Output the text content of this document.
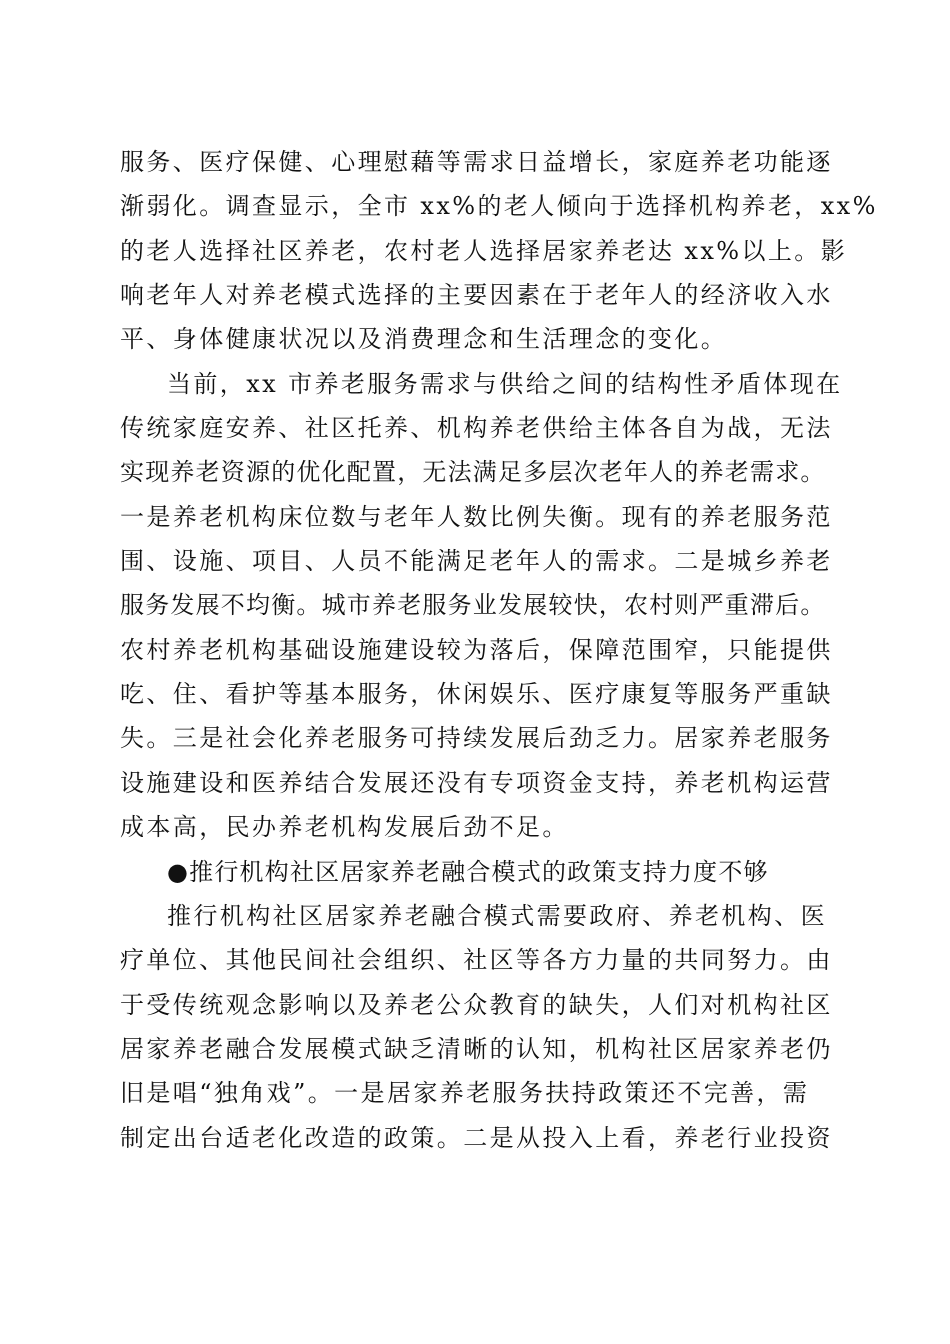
服务、医疗保健、心理慰藉等需求日益增长，家庭养老功能逐
渐弱化。调查显示，全市 xx%的老人倾向于选择机构养老，xx%
的老人选择社区养老，农村老人选择居家养老达 xx%以上。影
响老年人对养老模式选择的主要因素在于老年人的经济收入水
平、身体健康状况以及消费理念和生活理念的变化。
当前，xx 市养老服务需求与供给之间的结构性矛盾体现在
传统家庭安养、社区托养、机构养老供给主体各自为战，无法
实现养老资源的优化配置，无法满足多层次老年人的养老需求。
一是养老机构床位数与老年人数比例失衡。现有的养老服务范
围、设施、项目、人员不能满足老年人的需求。二是城乡养老
服务发展不均衡。城市养老服务业发展较快，农村则严重滞后。
农村养老机构基础设施建设较为落后，保障范围窄，只能提供
吃、住、看护等基本服务，休闲娱乐、医疗康复等服务严重缺
失。三是社会化养老服务可持续发展后劲乏力。居家养老服务
设施建设和医养结合发展还没有专项资金支持，养老机构运营
成本高，民办养老机构发展后劲不足。
●推行机构社区居家养老融合模式的政策支持力度不够
推行机构社区居家养老融合模式需要政府、养老机构、医
疗单位、其他民间社会组织、社区等各方力量的共同努力。由
于受传统观念影响以及养老公众教育的缺失，人们对机构社区
居家养老融合发展模式缺乏清晰的认知，机构社区居家养老仍
旧是唱“独角戏”。一是居家养老服务扶持政策还不完善，需
制定出台适老化改造的政策。二是从投入上看，养老行业投资
